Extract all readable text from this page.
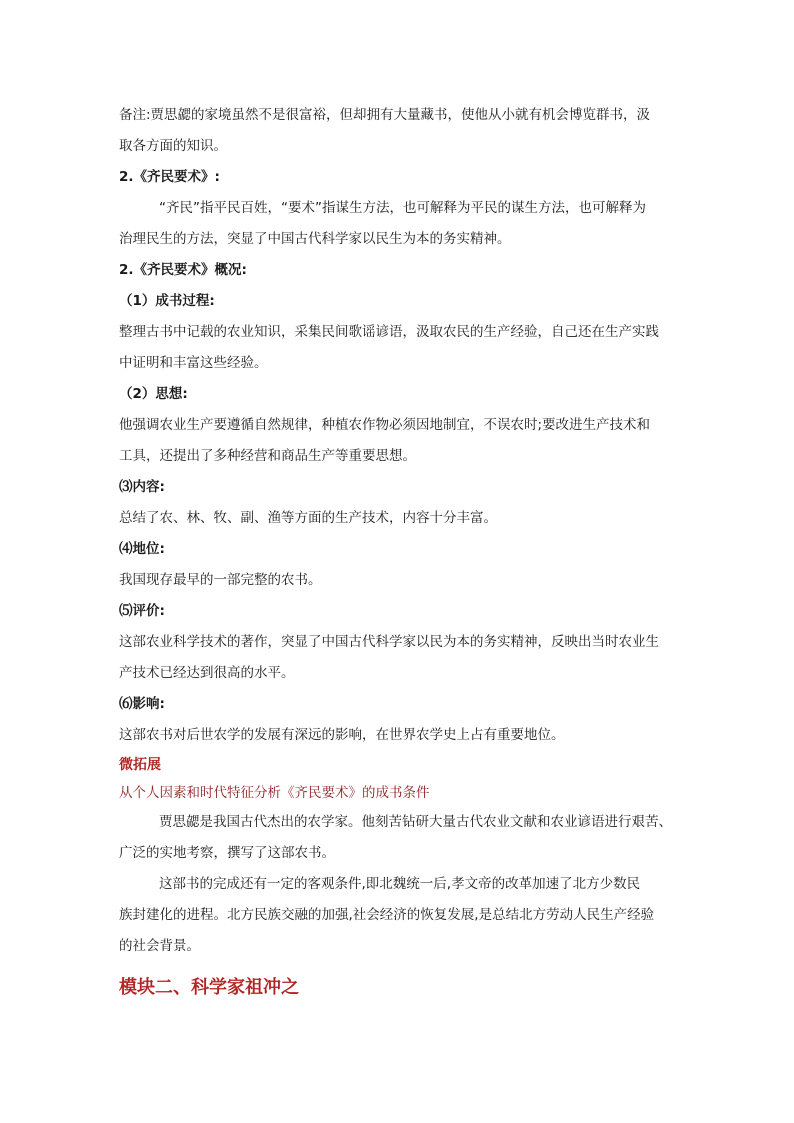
备注:贾思勰的家境虽然不是很富裕，但却拥有大量藏书，使他从小就有机会博览群书，汲

取各方面的知识。

2.《齐民要术》:

“齐民”指平民百姓，“要术”指谋生方法，也可解释为平民的谋生方法，也可解释为

治理民生的方法，突显了中国古代科学家以民生为本的务实精神。

2.《齐民要术》概况:

（1）成书过程:

整理古书中记载的农业知识，采集民间歌谣谚语，汲取农民的生产经验，自己还在生产实践

中证明和丰富这些经验。

（2）思想:

他强调农业生产要遵循自然规律，种植农作物必须因地制宜，不误农时;要改进生产技术和

工具，还提出了多种经营和商品生产等重要思想。

⑶内容:

总结了农、林、牧、副、渔等方面的生产技术，内容十分丰富。

⑷地位:

我国现存最早的一部完整的农书。

⑸评价:

这部农业科学技术的著作，突显了中国古代科学家以民为本的务实精神，反映出当时农业生

产技术已经达到很高的水平。

⑹影响:

这部农书对后世农学的发展有深远的影响，在世界农学史上占有重要地位。

微拓展

从个人因素和时代特征分析《齐民要术》的成书条件

贾思勰是我国古代杰出的农学家。他刻苦钻研大量古代农业文献和农业谚语进行艰苦、

广泛的实地考察，撰写了这部农书。

这部书的完成还有一定的客观条件,即北魏统一后,孝文帝的改革加速了北方少数民

族封建化的进程。北方民族交融的加强,社会经济的恢复发展,是总结北方劳动人民生产经验

的社会背景。

模块二、科学家祖冲之
